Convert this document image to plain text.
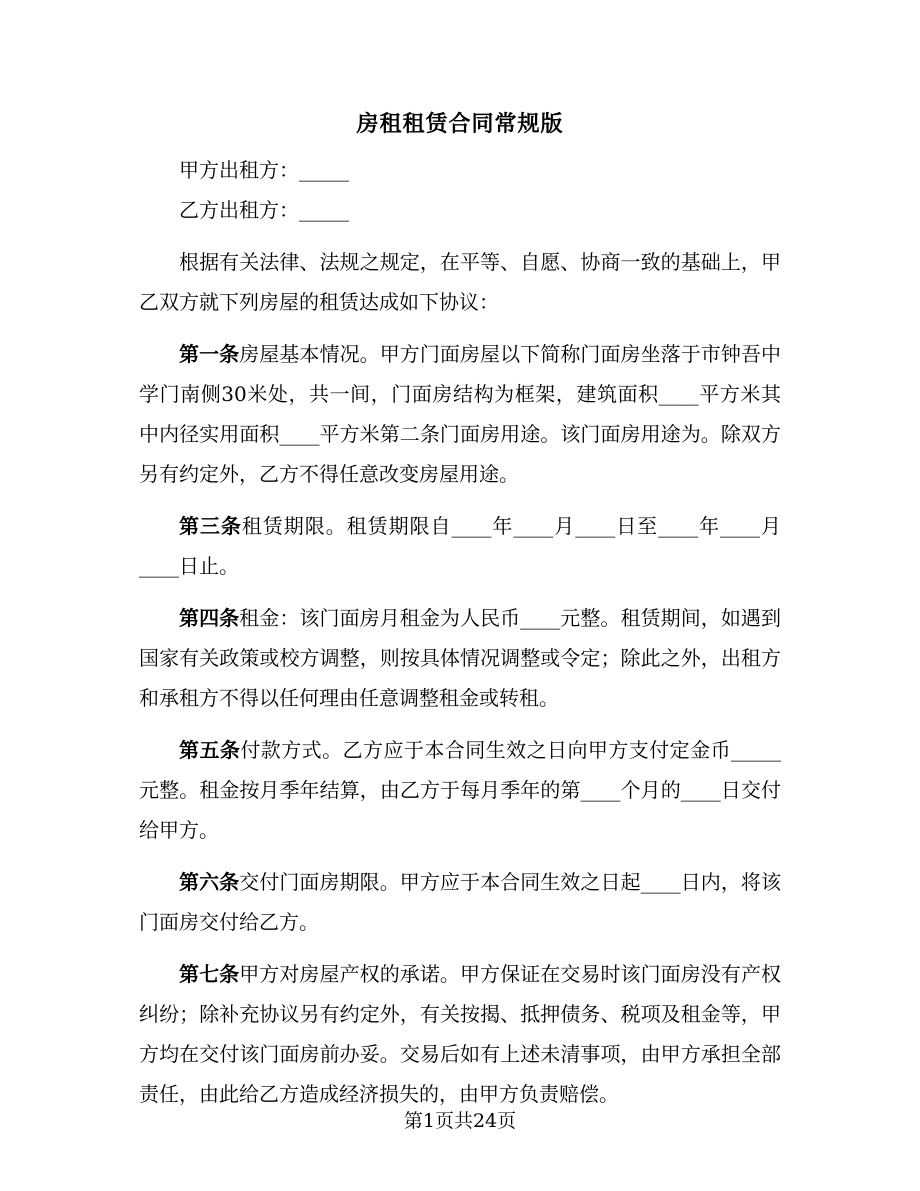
房租租赁合同常规版

甲方出租方：_____

乙方出租方：_____

根据有关法律、法规之规定，在平等、自愿、协商一致的基础上，甲乙双方就下列房屋的租赁达成如下协议：

第一条房屋基本情况。甲方门面房屋以下简称门面房坐落于市钟吾中学门南侧30米处，共一间，门面房结构为框架，建筑面积____平方米其中内径实用面积____平方米第二条门面房用途。该门面房用途为。除双方另有约定外，乙方不得任意改变房屋用途。

第三条租赁期限。租赁期限自____年____月____日至____年____月____日止。

第四条租金：该门面房月租金为人民币____元整。租赁期间，如遇到国家有关政策或校方调整，则按具体情况调整或令定；除此之外，出租方和承租方不得以任何理由任意调整租金或转租。

第五条付款方式。乙方应于本合同生效之日向甲方支付定金币_____元整。租金按月季年结算，由乙方于每月季年的第____个月的____日交付给甲方。

第六条交付门面房期限。甲方应于本合同生效之日起____日内，将该门面房交付给乙方。

第七条甲方对房屋产权的承诺。甲方保证在交易时该门面房没有产权纠纷；除补充协议另有约定外，有关按揭、抵押债务、税项及租金等，甲方均在交付该门面房前办妥。交易后如有上述未清事项，由甲方承担全部责任，由此给乙方造成经济损失的，由甲方负责赔偿。

第1页共24页
